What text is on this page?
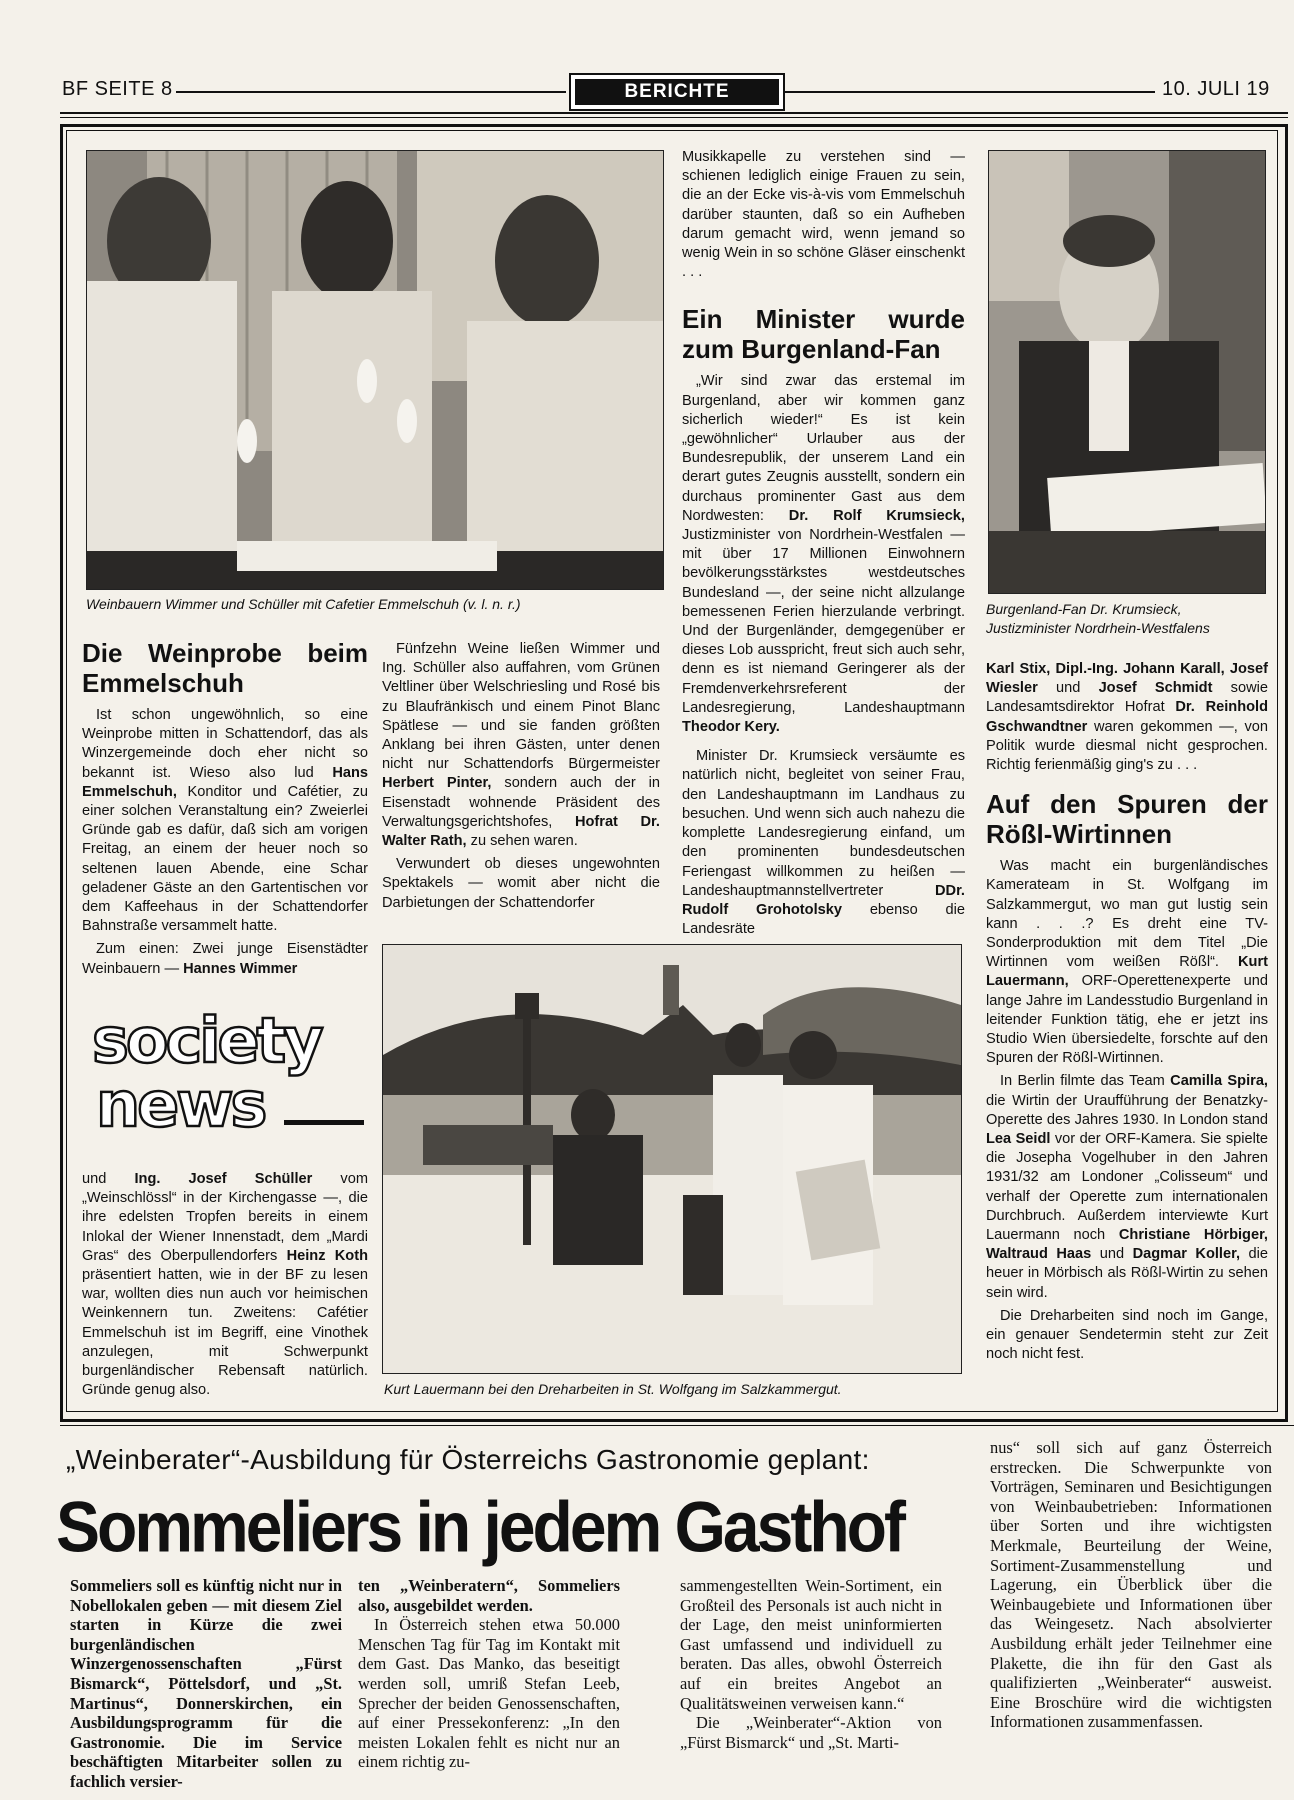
BF SEITE 8	BERICHTE	10. JULI 19
Weinbauern Wimmer und Schüller mit Cafetier Emmelschuh (v. l. n. r.)	Burgenland-Fan Dr. Krumsieck, Justizminister Nordrhein-Westfalens
Die Weinprobe beim Emmelschuh

Ist schon ungewöhnlich, so eine Weinprobe mitten in Schattendorf, das als Winzergemeinde doch eher nicht so bekannt ist. Wieso also lud Hans Emmelschuh, Konditor und Cafétier, zu einer solchen Veranstaltung ein? Zweierlei Gründe gab es dafür, daß sich am vorigen Freitag, an einem der heuer noch so seltenen lauen Abende, eine Schar geladener Gäste an den Gartentischen vor dem Kaffeehaus in der Schattendorfer Bahnstraße versammelt hatte.

Zum einen: Zwei junge Eisenstädter Weinbauern — Hannes Wimmer

society
news

und Ing. Josef Schüller vom „Weinschlössl“ in der Kirchengasse —, die ihre edelsten Tropfen bereits in einem Inlokal der Wiener Innenstadt, dem „Mardi Gras“ des Oberpullendorfers Heinz Koth präsentiert hatten, wie in der BF zu lesen war, wollten dies nun auch vor heimischen Weinkennern tun. Zweitens: Cafétier Emmelschuh ist im Begriff, eine Vinothek anzulegen, mit Schwerpunkt burgenländischer Rebensaft natürlich. Gründe genug also.

Fünfzehn Weine ließen Wimmer und Ing. Schüller also auffahren, vom Grünen Veltliner über Welschriesling und Rosé bis zu Blaufränkisch und einem Pinot Blanc Spätlese — und sie fanden größten Anklang bei ihren Gästen, unter denen nicht nur Schattendorfs Bürgermeister Herbert Pinter, sondern auch der in Eisenstadt wohnende Präsident des Verwaltungsgerichtshofes, Hofrat Dr. Walter Rath, zu sehen waren.

Verwundert ob dieses ungewohnten Spektakels — womit aber nicht die Darbietungen der Schattendorfer

Musikkapelle zu verstehen sind — schienen lediglich einige Frauen zu sein, die an der Ecke vis-à-vis vom Emmelschuh darüber staunten, daß so ein Aufheben darum gemacht wird, wenn jemand so wenig Wein in so schöne Gläser einschenkt . . .

Ein Minister wurde zum Burgenland-Fan

„Wir sind zwar das erstemal im Burgenland, aber wir kommen ganz sicherlich wieder!“ Es ist kein „gewöhnlicher“ Urlauber aus der Bundesrepublik, der unserem Land ein derart gutes Zeugnis ausstellt, sondern ein durchaus prominenter Gast aus dem Nordwesten: Dr. Rolf Krumsieck, Justizminister von Nordrhein-Westfalen — mit über 17 Millionen Einwohnern bevölkerungsstärkstes westdeutsches Bundesland —, der seine nicht allzulange bemessenen Ferien hierzulande verbringt. Und der Burgenländer, demgegenüber er dieses Lob ausspricht, freut sich auch sehr, denn es ist niemand Geringerer als der Fremdenverkehrsreferent der Landesregierung, Landeshauptmann Theodor Kery.

Minister Dr. Krumsieck versäumte es natürlich nicht, begleitet von seiner Frau, den Landeshauptmann im Landhaus zu besuchen. Und wenn sich auch nahezu die komplette Landesregierung einfand, um den prominenten bundesdeutschen Feriengast willkommen zu heißen — Landeshauptmannstellvertreter	DDr. Rudolf Grohotolsky ebenso die Landesräte

Karl Stix, Dipl.-Ing. Johann Karall, Josef Wiesler und Josef Schmidt sowie Landesamtsdirektor Hofrat Dr. Reinhold Gschwandtner waren gekommen —, von Politik wurde diesmal nicht gesprochen. Richtig ferienmäßig ging's zu . . .

Auf den Spuren der Rößl-Wirtinnen

Was macht ein burgenländisches Kamerateam in St. Wolfgang im Salzkammergut, wo man gut lustig sein kann . . .? Es dreht eine TV-Sonderproduktion mit dem Titel „Die Wirtinnen vom weißen Rößl“. Kurt Lauermann, ORF-Operettenexperte und lange Jahre im Landesstudio Burgenland in leitender Funktion tätig, ehe er jetzt ins Studio Wien übersiedelte, forschte auf den Spuren der Rößl-Wirtinnen.

In Berlin filmte das Team Camilla Spira, die Wirtin der Uraufführung der Benatzky-Operette des Jahres 1930. In London stand Lea Seidl vor der ORF-Kamera. Sie spielte die Josepha Vogelhuber in den Jahren 1931/32 am Londoner „Colisseum“ und verhalf der Operette zum internationalen Durchbruch. Außerdem interviewte Kurt Lauermann noch Christiane Hörbiger, Waltraud Haas und Dagmar Koller, die heuer in Mörbisch als Rößl-Wirtin zu sehen sein wird.

Die Dreharbeiten sind noch im Gange, ein genauer Sendetermin steht zur Zeit noch nicht fest.

Kurt Lauermann bei den Dreharbeiten in St. Wolfgang im Salzkammergut.
„Weinberater“-Ausbildung für Österreichs Gastronomie geplant:
Sommeliers in jedem Gasthof

Sommeliers soll es künftig nicht nur in Nobellokalen geben — mit diesem Ziel starten in Kürze die zwei burgenländischen Winzergenossenschaften „Fürst Bismarck“, Pöttelsdorf, und „St. Martinus“, Donnerskirchen, ein Ausbildungsprogramm für die Gastronomie. Die im Service beschäftigten Mitarbeiter sollen zu fachlich versier-

ten „Weinberatern“, Sommeliers also, ausgebildet werden.

In Österreich stehen etwa 50.000 Menschen Tag für Tag im Kontakt mit dem Gast. Das Manko, das beseitigt werden soll, umriß Stefan Leeb, Sprecher der beiden Genossenschaften, auf einer Pressekonferenz: „In den meisten Lokalen fehlt es nicht nur an einem richtig zu-

sammengestellten Wein-Sortiment, ein Großteil des Personals ist auch nicht in der Lage, den meist uninformierten Gast umfassend und individuell zu beraten. Das alles, obwohl Österreich auf ein breites Angebot an Qualitätsweinen verweisen kann.“

Die „Weinberater“-Aktion von „Fürst Bismarck“ und „St. Marti-

nus“ soll sich auf ganz Österreich erstrecken. Die Schwerpunkte von Vorträgen, Seminaren und Besichtigungen von Weinbaubetrieben: Informationen über Sorten und ihre wichtigsten Merkmale, Beurteilung der Weine, Sortiment-Zusammenstellung und Lagerung, ein Überblick über die Weinbaugebiete und Informationen über das Weingesetz. Nach absolvierter Ausbildung erhält jeder Teilnehmer eine Plakette, die ihn für den Gast als qualifizierten „Weinberater“ ausweist. Eine Broschüre wird die wichtigsten Informationen zusammenfassen.
